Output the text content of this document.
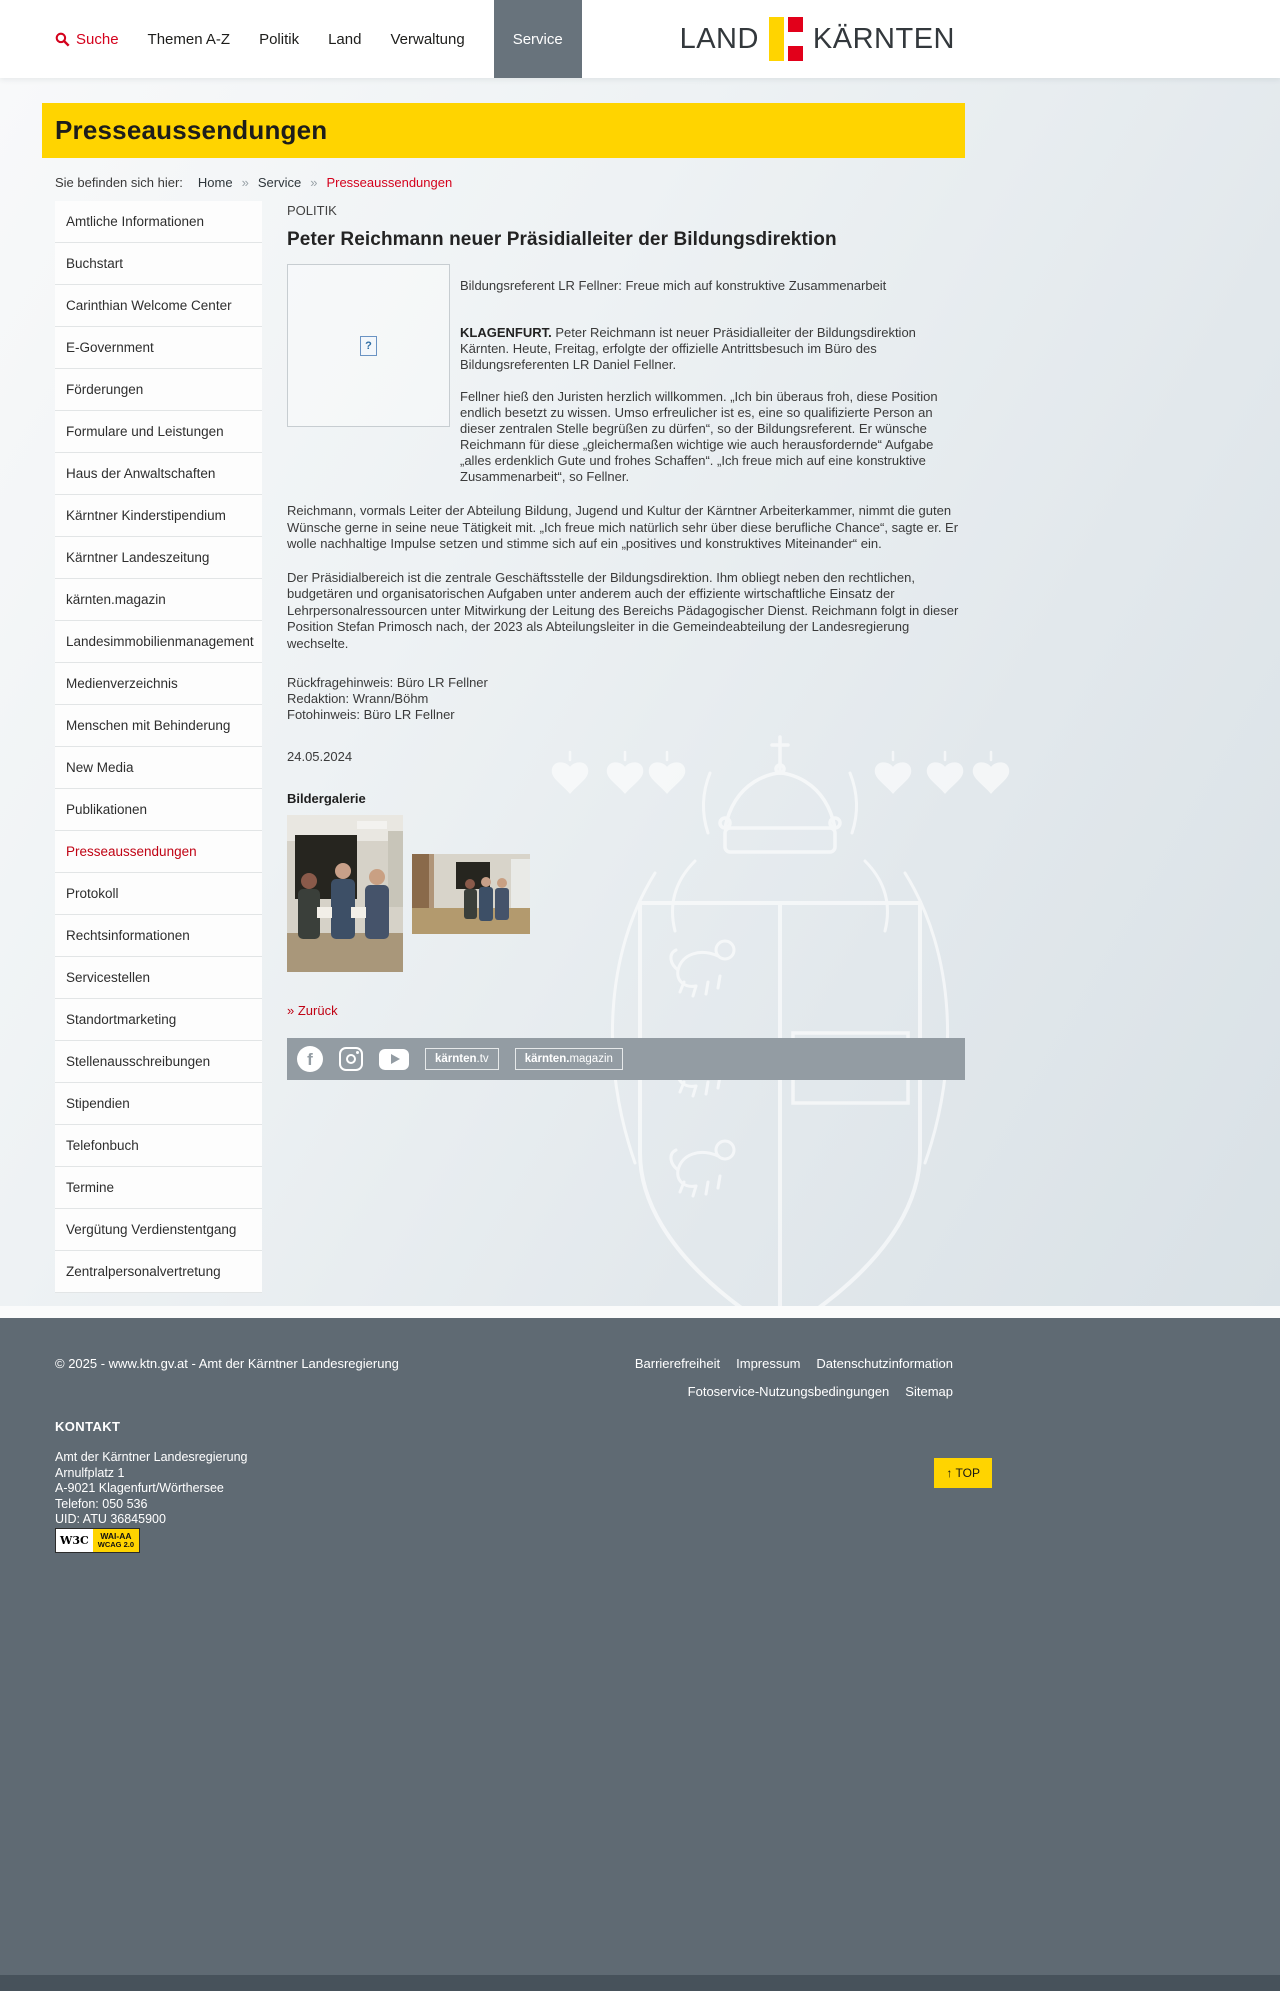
Suche Themen A-Z Politik Land Verwaltung	Service	LAND KÄRNTEN
Presseaussendungen
Sie befinden sich hier: Home » Service » Presseaussendungen
Amtliche Informationen
Buchstart
Carinthian Welcome Center
E-Government
Förderungen
Formulare und Leistungen
Haus der Anwaltschaften
Kärntner Kinderstipendium
Kärntner Landeszeitung
kärnten.magazin
Landesimmobilienmanagement
Medienverzeichnis
Menschen mit Behinderung
New Media
Publikationen
Presseaussendungen
Protokoll
Rechtsinformationen
Servicestellen
Standortmarketing
Stellenausschreibungen
Stipendien
Telefonbuch
Termine
Vergütung Verdienstentgang
Zentralpersonalvertretung
POLITIK
Peter Reichmann neuer Präsidialleiter der Bildungsdirektion
?

Bildungsreferent LR Fellner: Freue mich auf konstruktive Zusammenarbeit

KLAGENFURT. Peter Reichmann ist neuer Präsidialleiter der Bildungsdirektion Kärnten. Heute, Freitag, erfolgte der offizielle Antrittsbesuch im Büro des Bildungsreferenten LR Daniel Fellner.

Fellner hieß den Juristen herzlich willkommen. „Ich bin überaus froh, diese Position endlich besetzt zu wissen. Umso erfreulicher ist es, eine so qualifizierte Person an dieser zentralen Stelle begrüßen zu dürfen“, so der Bildungsreferent. Er wünsche Reichmann für diese „gleichermaßen wichtige wie auch herausfordernde“ Aufgabe „alles erdenklich Gute und frohes Schaffen“. „Ich freue mich auf eine konstruktive Zusammenarbeit“, so Fellner.

Reichmann, vormals Leiter der Abteilung Bildung, Jugend und Kultur der Kärntner Arbeiterkammer, nimmt die guten Wünsche gerne in seine neue Tätigkeit mit. „Ich freue mich natürlich sehr über diese berufliche Chance“, sagte er. Er wolle nachhaltige Impulse setzen und stimme sich auf ein „positives und konstruktives Miteinander“ ein.

Der Präsidialbereich ist die zentrale Geschäftsstelle der Bildungsdirektion. Ihm obliegt neben den rechtlichen, budgetären und organisatorischen Aufgaben unter anderem auch der effiziente wirtschaftliche Einsatz der Lehrpersonalressourcen unter Mitwirkung der Leitung des Bereichs Pädagogischer Dienst. Reichmann folgt in dieser Position Stefan Primosch nach, der 2023 als Abteilungsleiter in die Gemeindeabteilung der Landesregierung wechselte.

Rückfragehinweis: Büro LR Fellner
Redaktion: Wrann/Böhm
Fotohinweis: Büro LR Fellner
24.05.2024
Bildergalerie
» Zurück
f	kärnten .tv	kärnten. magazin
© 2025 - www.ktn.gv.at - Amt der Kärntner Landesregierung	Barrierefreiheit Impressum Datenschutzinformation
Fotoservice-Nutzungsbedingungen Sitemap
KONTAKT
Amt der Kärntner Landesregierung
Arnulfplatz 1
A-9021 Klagenfurt/Wörthersee
Telefon: 050 536
UID: ATU 36845900
W3C	WAI-AA
WCAG 2.0
↑ TOP
